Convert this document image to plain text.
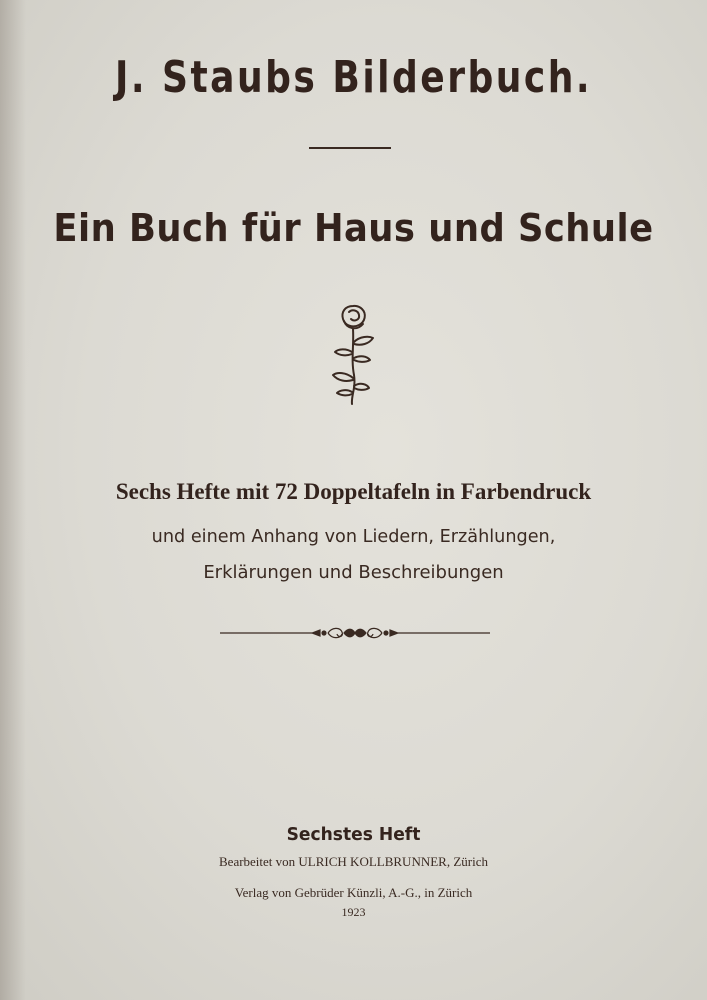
J. Staubs Bilderbuch.
Ein Buch für Haus und Schule
Sechs Hefte mit 72 Doppeltafeln in Farbendruck
und einem Anhang von Liedern, Erzählungen,
Erklärungen und Beschreibungen
Sechstes Heft
Bearbeitet von ULRICH KOLLBRUNNER, Zürich
Verlag von Gebrüder Künzli, A.-G., in Zürich
1923
